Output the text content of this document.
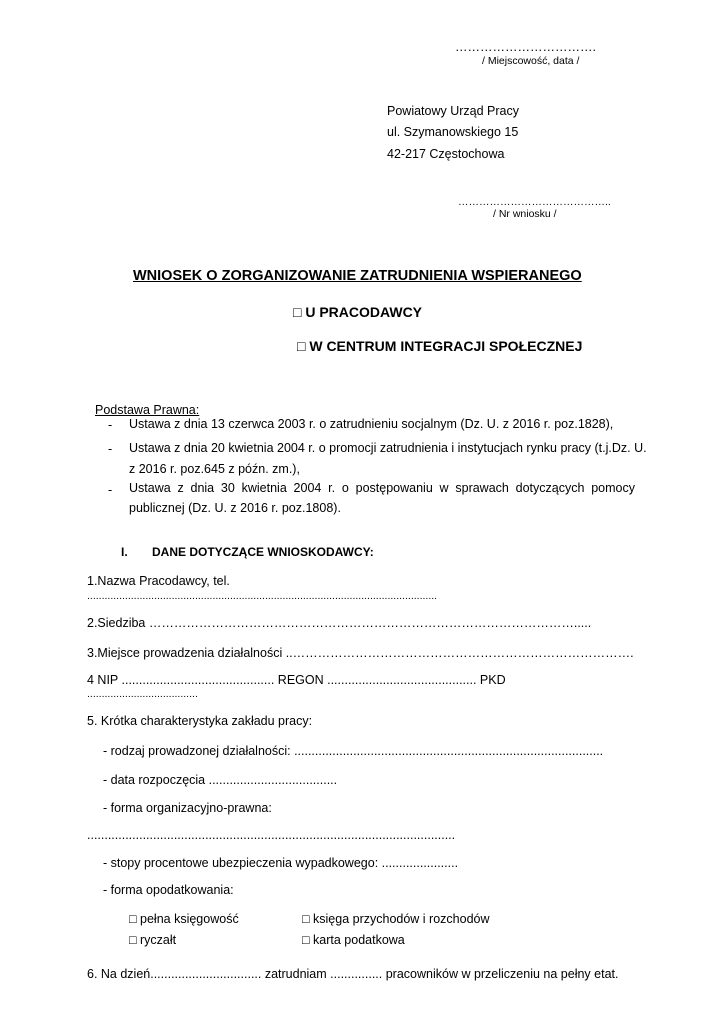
…………………………….
/ Miejscowość, data /
Powiatowy Urząd Pracy
ul. Szymanowskiego 15
42-217 Częstochowa
……………………………………..
/ Nr wniosku /
WNIOSEK O ZORGANIZOWANIE ZATRUDNIENIA WSPIERANEGO
□ U PRACODAWCY
□ W CENTRUM INTEGRACJI SPOŁECZNEJ
Podstawa Prawna:
- Ustawa z dnia 13 czerwca 2003 r. o zatrudnieniu socjalnym (Dz. U. z 2016 r. poz.1828),
- Ustawa z dnia 20 kwietnia 2004 r. o promocji zatrudnienia i instytucjach rynku pracy (t.j.Dz. U.
z 2016 r. poz.645 z późn. zm.),
- Ustawa z dnia 30 kwietnia 2004 r. o postępowaniu w sprawach dotyczących pomocy
publicznej (Dz. U. z 2016 r. poz.1808).
I. DANE DOTYCZĄCE WNIOSKODAWCY:
1.Nazwa Pracodawcy, tel.
........................................................................................................................
2.Siedziba ………………………………………………………………………………………….....
3.Miejsce prowadzenia działalności ..……………………………………………………………………….
4 NIP ............................................ REGON ........................................... PKD
......................................
5. Krótka charakterystyka zakładu pracy:
- rodzaj prowadzonej działalności: .........................................................................................
- data rozpoczęcia .....................................
- forma organizacyjno-prawna:
..........................................................................................................
- stopy procentowe ubezpieczenia wypadkowego: ......................
- forma opodatkowania:
□ pełna księgowość	□ księga przychodów i rozchodów
□ ryczałt	□ karta podatkowa
6. Na dzień................................ zatrudniam ............... pracowników w przeliczeniu na pełny etat.
